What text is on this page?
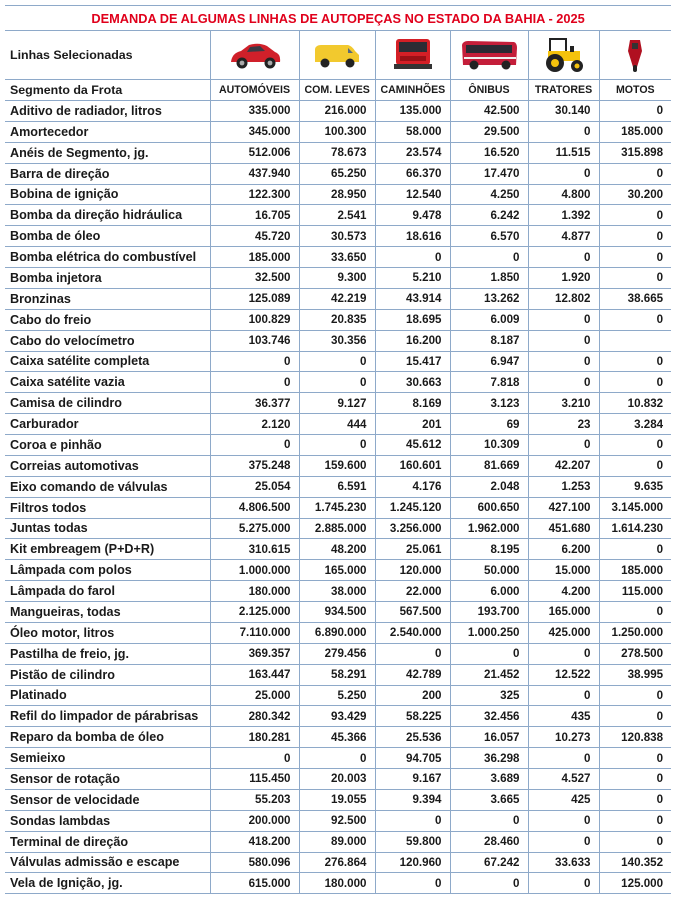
DEMANDA DE ALGUMAS LINHAS DE AUTOPEÇAS NO ESTADO DA BAHIA - 2025						
Linhas Selecionadas	

Segmento da Frota	AUTOMÓVEIS	COM. LEVES	CAMINHÕES	ÔNIBUS	TRATORES	MOTOS
Aditivo de radiador, litros	335.000	216.000	135.000	42.500	30.140	0
Amortecedor	345.000	100.300	58.000	29.500	0	185.000
Anéis de Segmento, jg.	512.006	78.673	23.574	16.520	11.515	315.898
Barra de direção	437.940	65.250	66.370	17.470	0	0
Bobina de ignição	122.300	28.950	12.540	4.250	4.800	30.200
Bomba da direção hidráulica	16.705	2.541	9.478	6.242	1.392	0
Bomba de óleo	45.720	30.573	18.616	6.570	4.877	0
Bomba elétrica do combustível	185.000	33.650	0	0	0	0
Bomba injetora	32.500	9.300	5.210	1.850	1.920	0
Bronzinas	125.089	42.219	43.914	13.262	12.802	38.665
Cabo do freio	100.829	20.835	18.695	6.009	0	0
Cabo do velocímetro	103.746	30.356	16.200	8.187	0	
Caixa satélite completa	0	0	15.417	6.947	0	0
Caixa satélite vazia	0	0	30.663	7.818	0	0
Camisa de cilindro	36.377	9.127	8.169	3.123	3.210	10.832
Carburador	2.120	444	201	69	23	3.284
Coroa e pinhão	0	0	45.612	10.309	0	0
Correias automotivas	375.248	159.600	160.601	81.669	42.207	0
Eixo comando de válvulas	25.054	6.591	4.176	2.048	1.253	9.635
Filtros todos	4.806.500	1.745.230	1.245.120	600.650	427.100	3.145.000
Juntas todas	5.275.000	2.885.000	3.256.000	1.962.000	451.680	1.614.230
Kit embreagem (P+D+R)	310.615	48.200	25.061	8.195	6.200	0
Lâmpada com polos	1.000.000	165.000	120.000	50.000	15.000	185.000
Lâmpada do farol	180.000	38.000	22.000	6.000	4.200	115.000
Mangueiras, todas	2.125.000	934.500	567.500	193.700	165.000	0
Óleo motor, litros	7.110.000	6.890.000	2.540.000	1.000.250	425.000	1.250.000
Pastilha de freio, jg.	369.357	279.456	0	0	0	278.500
Pistão de cilindro	163.447	58.291	42.789	21.452	12.522	38.995
Platinado	25.000	5.250	200	325	0	0
Refil do limpador de párabrisas	280.342	93.429	58.225	32.456	435	0
Reparo da bomba de óleo	180.281	45.366	25.536	16.057	10.273	120.838
Semieixo	0	0	94.705	36.298	0	0
Sensor de rotação	115.450	20.003	9.167	3.689	4.527	0
Sensor de velocidade	55.203	19.055	9.394	3.665	425	0
Sondas lambdas	200.000	92.500	0	0	0	0
Terminal de direção	418.200	89.000	59.800	28.460	0	0
Válvulas admissão e escape	580.096	276.864	120.960	67.242	33.633	140.352
Vela de Ignição, jg.	615.000	180.000	0	0	0	125.000
